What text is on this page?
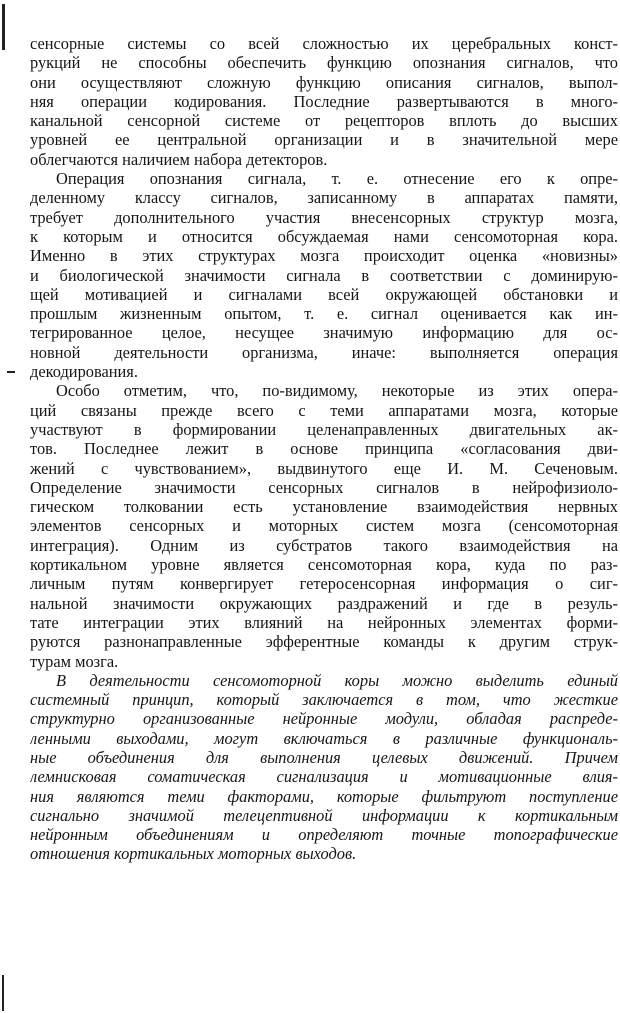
сенсорные системы со всей сложностью их церебральных конст-
рукций не способны обеспечить функцию опознания сигналов, что
они осуществляют сложную функцию описания сигналов, выпол-
няя операции кодирования. Последние развертываются в много-
канальной сенсорной системе от рецепторов вплоть до высших
уровней ее центральной организации и в значительной мере
облегчаются наличием набора детекторов.
Операция опознания сигнала, т. е. отнесение его к опре-
деленному классу сигналов, записанному в аппаратах памяти,
требует дополнительного участия внесенсорных структур мозга,
к которым и относится обсуждаемая нами сенсомоторная кора.
Именно в этих структурах мозга происходит оценка «новизны»
и биологической значимости сигнала в соответствии с доминирую-
щей мотивацией и сигналами всей окружающей обстановки и
прошлым жизненным опытом, т. е. сигнал оценивается как ин-
тегрированное целое, несущее значимую информацию для ос-
новной деятельности организма, иначе: выполняется операция
декодирования.
Особо отметим, что, по-видимому, некоторые из этих опера-
ций связаны прежде всего с теми аппаратами мозга, которые
участвуют в формировании целенаправленных двигательных ак-
тов. Последнее лежит в основе принципа «согласования дви-
жений с чувствованием», выдвинутого еще И. М. Сеченовым.
Определение значимости сенсорных сигналов в нейрофизиоло-
гическом толковании есть установление взаимодействия нервных
элементов сенсорных и моторных систем мозга (сенсомоторная
интеграция). Одним из субстратов такого взаимодействия на
кортикальном уровне является сенсомоторная кора, куда по раз-
личным путям конвергирует гетеросенсорная информация о сиг-
нальной значимости окружающих раздражений и где в резуль-
тате интеграции этих влияний на нейронных элементах форми-
руются разнонаправленные эфферентные команды к другим струк-
турам мозга.
В деятельности сенсомоторной коры можно выделить единый
системный принцип, который заключается в том, что жесткие
структурно организованные нейронные модули, обладая распреде-
ленными выходами, могут включаться в различные функциональ-
ные объединения для выполнения целевых движений. Причем
лемнисковая соматическая сигнализация и мотивационные влия-
ния являются теми факторами, которые фильтруют поступление
сигнально значимой телецептивной информации к кортикальным
нейронным объединениям и определяют точные топографические
отношения кортикальных моторных выходов.
